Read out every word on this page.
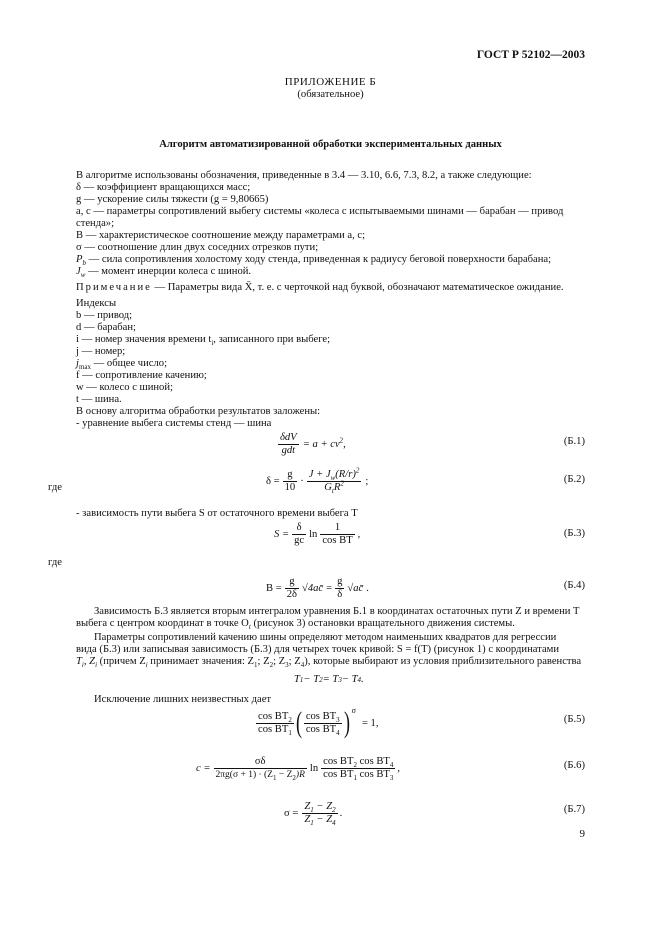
ГОСТ Р 52102—2003
ПРИЛОЖЕНИЕ Б
(обязательное)
Алгоритм автоматизированной обработки экспериментальных данных
В алгоритме использованы обозначения, приведенные в 3.4 — 3.10, 6.6, 7.3, 8.2, а также следующие:
δ — коэффициент вращающихся масс;
g — ускорение силы тяжести (g = 9,80665)
a, c — параметры сопротивлений выбегу системы «колеса с испытываемыми шинами — барабан — привод
стенда»;
В — характеристическое соотношение между параметрами a, c;
σ — соотношение длин двух соседних отрезков пути;
$P_b$ — сила сопротивления холостому ходу стенда, приведенная к радиусу беговой поверхности барабана;
$J_w$ — момент инерции колеса с шиной.
Примечание — Параметры вида X̄, т. е. с черточкой над буквой, обозначают математическое ожидание.
Индексы
b — привод;
d — барабан;
i — номер значения времени $t_i$, записанного при выбеге;
j — номер;
$j_{max}$ — общее число;
f — сопротивление качению;
w — колесо с шиной;
t — шина.
В основу алгоритма обработки результатов заложены:
- уравнение выбега системы стенд — шина
$\frac{\text{δdV}}{\text{gdt}} = a + cv^2$,	(Б.1)
где
$\delta = \frac{g}{10} \cdot \frac{J + J_w(R/r)^2}{G_tR^2}$ ;	(Б.2)
- зависимость пути выбега S от остаточного времени выбега T
$S = \frac{\delta}{gc}$ $\ln \frac{1}{\text{cos BT}}$ ,	(Б.3)
где
$B = \frac{g}{2\delta}$ √4ac̄ = $\frac{g}{\delta}$ √ac̄ .	(Б.4)
Зависимость Б.3 является вторым интегралом уравнения Б.1 в координатах остаточных пути Z и времени T
выбега с центром координат в точке $O_t$ (рисунок 3) остановки вращательного движения системы.
Параметры сопротивлений качению шины определяют методом наименьших квадратов для регрессии
вида (Б.3) или записывая зависимость (Б.3) для четырех точек кривой: S = f(T) (рисунок 1) с координатами
$T_i$, $Z_i$ (причем $Z_i$ принимает значения: $Z_1$; $Z_2$; $Z_3$; $Z_4$), которые выбирают из условия приблизительного равенства
T 1 − T 2 = T 3 − T 4 .
Исключение лишних неизвестных дает
$\frac{\cos BT_2}{\cos BT_1}$ ( $\frac{\cos BT_3}{\cos BT_4}$ ) σ
= 1,	(Б.5)
$c = \frac{\sigma\delta}{2\pi g(\sigma + 1) \cdot (Z_1 - Z_2)R}$ $\ln \frac{\cos BT_2 \cos BT_4}{\cos BT_1 \cos BT_3}$ ,	(Б.6)
$\sigma = \frac{Z_1 - Z_2}{Z_1 - Z_4}$ .	(Б.7)
9
